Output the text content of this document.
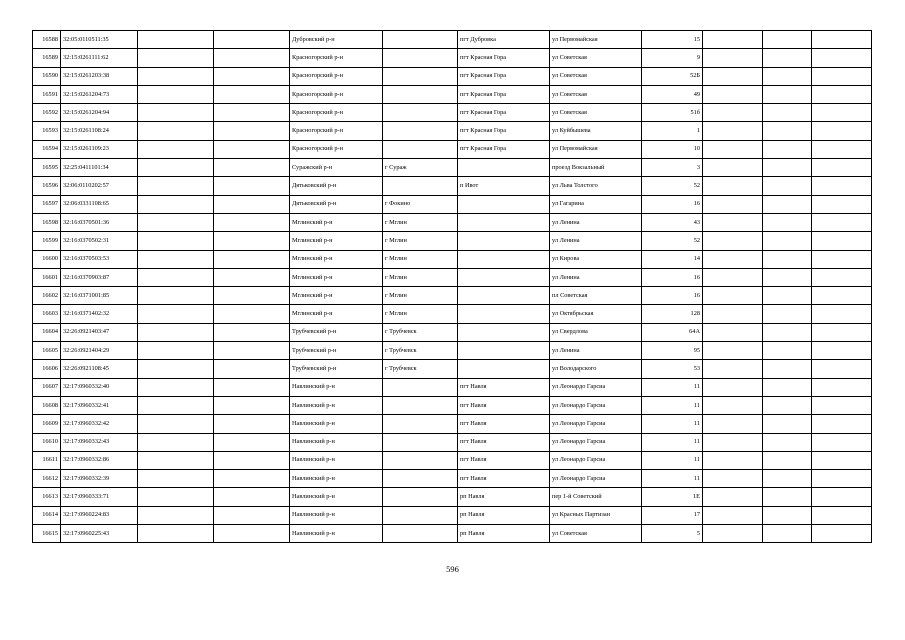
16588	32:05:0110511:35			Дубровский р-н		пгт Дубровка	ул Первомайская	15			
16589	32:15:0261111:62			Красногорский р-н		пгт Красная Гора	ул Советская	9			
16590	32:15:0261203:38			Красногорский р-н		пгт Красная Гора	ул Советская	52Б			
16591	32:15:0261204:73			Красногорский р-н		пгт Красная Гора	ул Советская	49			
16592	32:15:0261204:94			Красногорский р-н		пгт Красная Гора	ул Советская	51б			
16593	32:15:0261108:24			Красногорский р-н		пгт Красная Гора	ул Куйбышева	1			
16594	32:15:0261109:23			Красногорский р-н		пгт Красная Гора	ул Первомайская	10			
16595	32:25:0411101:34			Суражский р-н	г Сураж		проезд Вокзальный	3			
16596	32:06:0110202:57			Дятьковский р-н		п Ивот	ул Льва Толстого	52			
16597	32:06:0331108:65			Дятьковский р-н	г Фокино		ул Гагарина	16			
16598	32:16:0370501:36			Мглинский р-н	г Мглин		ул Ленина	43			
16599	32:16:0370502:31			Мглинский р-н	г Мглин		ул Ленина	52			
16600	32:16:0370503:53			Мглинский р-н	г Мглин		ул Кирова	14			
16601	32:16:0370903:87			Мглинский р-н	г Мглин		ул Ленина	16			
16602	32:16:0371001:85			Мглинский р-н	г Мглин		пл Советская	16			
16603	32:16:0371402:32			Мглинский р-н	г Мглин		ул Октябрьская	128			
16604	32:26:0921403:47			Трубчевский р-н	г Трубчевск		ул Свердлова	64А			
16605	32:26:0921404:29			Трубчевский р-н	г Трубчевск		ул Ленина	95			
16606	32:26:0921108:45			Трубчевский р-н	г Трубчевск		ул Володарского	53			
16607	32:17:0960332:40			Навлинский р-н		пгт Навля	ул Леонардо Гарсиа	11			
16608	32:17:0960332:41			Навлинский р-н		пгт Навля	ул Леонардо Гарсиа	11			
16609	32:17:0960332:42			Навлинский р-н		пгт Навля	ул Леонардо Гарсиа	11			
16610	32:17:0960332:43			Навлинский р-н		пгт Навля	ул Леонардо Гарсиа	11			
16611	32:17:0960332:86			Навлинский р-н		пгт Навля	ул Леонардо Гарсиа	11			
16612	32:17:0960332:39			Навлинский р-н		пгт Навля	ул Леонардо Гарсиа	11			
16613	32:17:0960333:71			Навлинский р-н		рп Навля	пер 1-й Советский	1Е			
16614	32:17:0960224:83			Навлинский р-н		рп Навля	ул Красных Партизан	17			
16615	32:17:0960225:43			Навлинский р-н		рп Навля	ул Советская	5			
596
